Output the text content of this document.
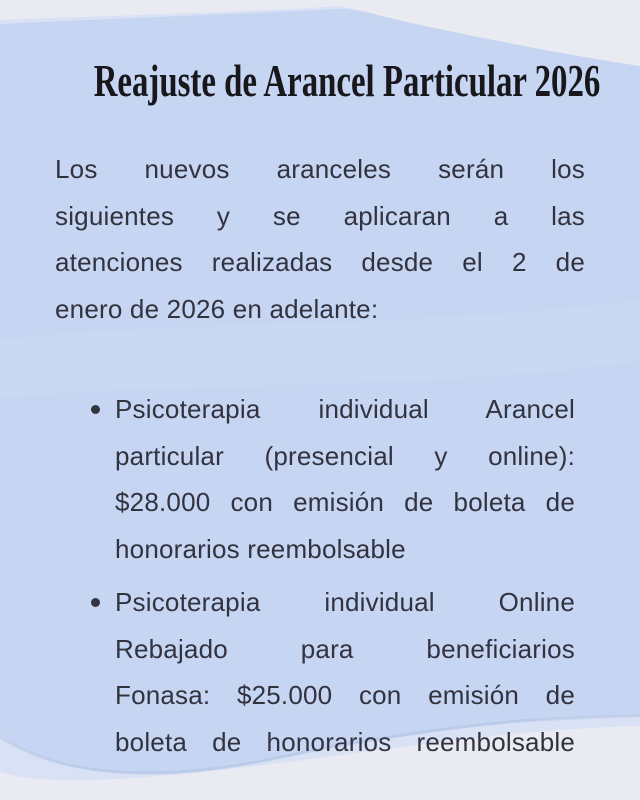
Reajuste de Arancel Particular 2026
Los nuevos aranceles serán los
siguientes y se aplicaran a las
atenciones realizadas desde el 2 de
enero de 2026 en adelante:
Psicoterapia individual Arancel
particular (presencial y online):
$28.000 con emisión de boleta de
honorarios reembolsable
Psicoterapia individual Online
Rebajado para beneficiarios
Fonasa: $25.000 con emisión de
boleta de honorarios reembolsable
